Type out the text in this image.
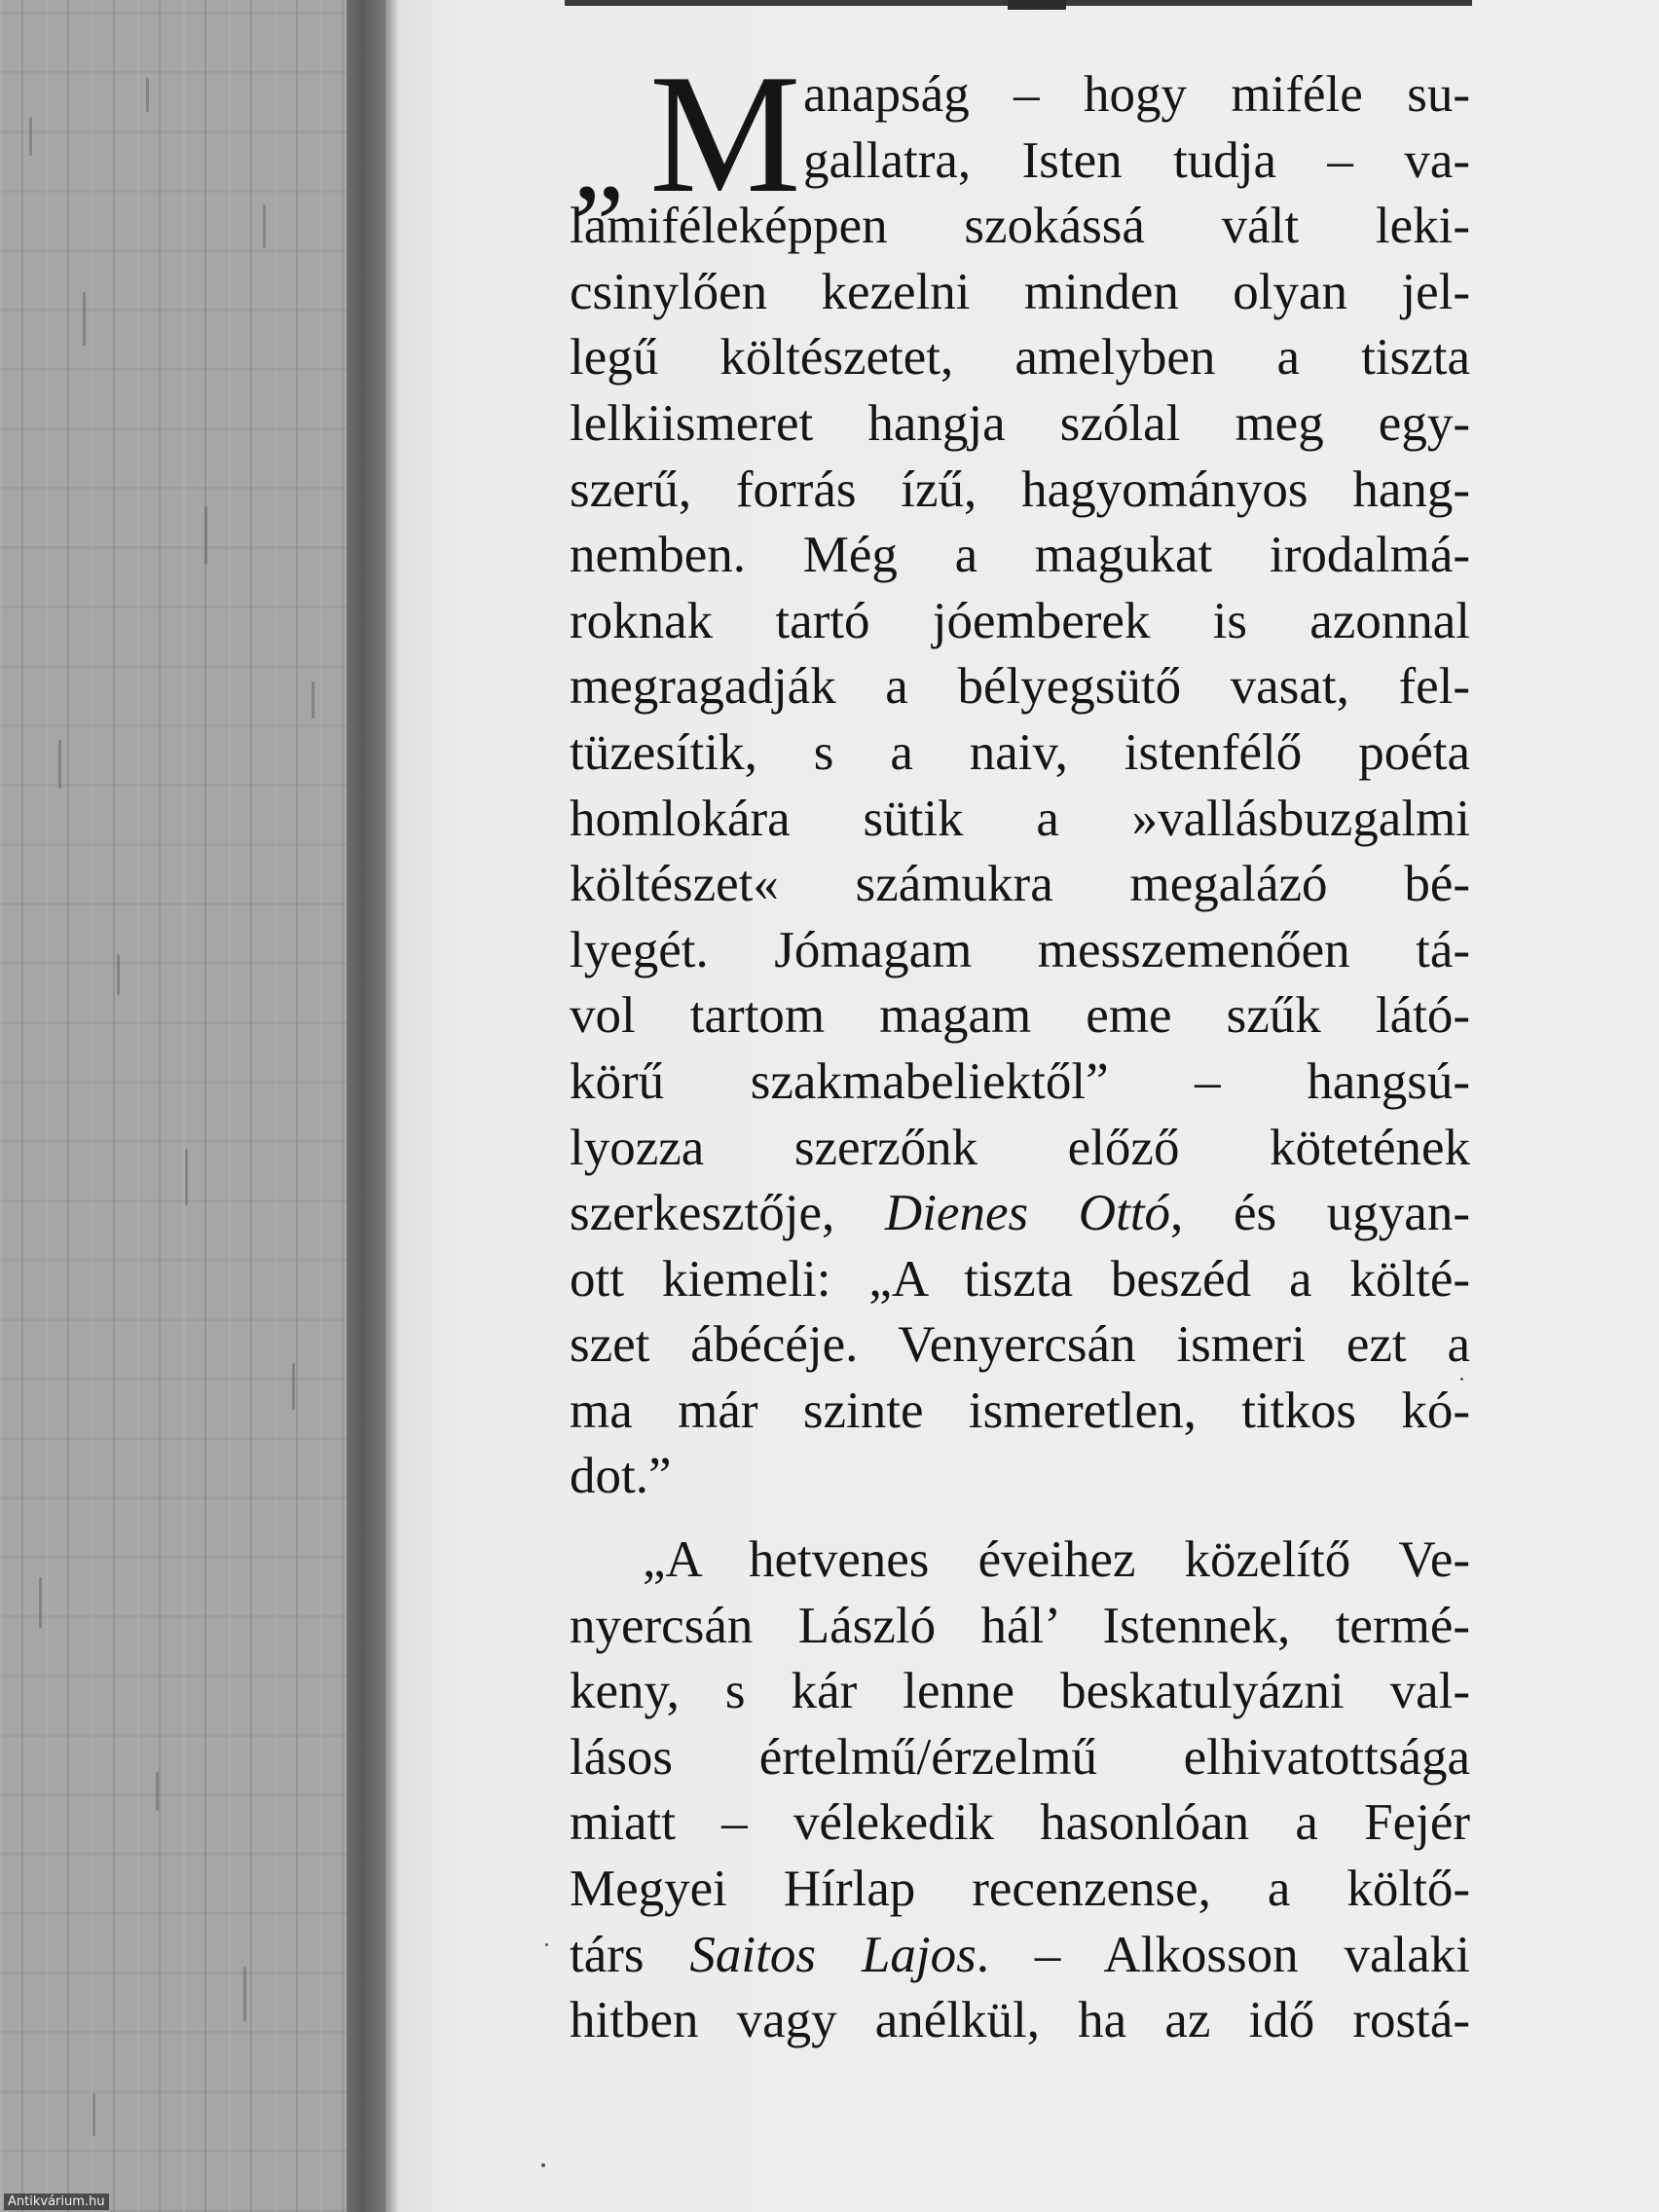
„ M anapság – hogy miféle su-
gallatra, Isten tudja – va-
lamiféleképpen szokássá vált leki-
csinylően kezelni minden olyan jel-
legű költészetet, amelyben a tiszta
lelkiismeret hangja szólal meg egy-
szerű, forrás ízű, hagyományos hang-
nemben. Még a magukat irodalmá-
roknak tartó jóemberek is azonnal
megragadják a bélyegsütő vasat, fel-
tüzesítik, s a naiv, istenfélő poéta
homlokára sütik a »vallásbuzgalmi
költészet« számukra megalázó bé-
lyegét. Jómagam messzemenően tá-
vol tartom magam eme szűk látó-
körű szakmabeliektől” – hangsú-
lyozza szerzőnk előző kötetének
szerkesztője, Dienes Ottó, és ugyan-
ott kiemeli: „A tiszta beszéd a költé-
szet ábécéje. Venyercsán ismeri ezt a
ma már szinte ismeretlen, titkos kó-
dot.”
„A hetvenes éveihez közelítő Ve-
nyercsán László hál’ Istennek, termé-
keny, s kár lenne beskatulyázni val-
lásos értelmű/érzelmű elhivatottsága
miatt – vélekedik hasonlóan a Fejér
Megyei Hírlap recenzense, a költő-
társ Saitos Lajos. – Alkosson valaki
hitben vagy anélkül, ha az idő rostá-
Antikvárium.hu
